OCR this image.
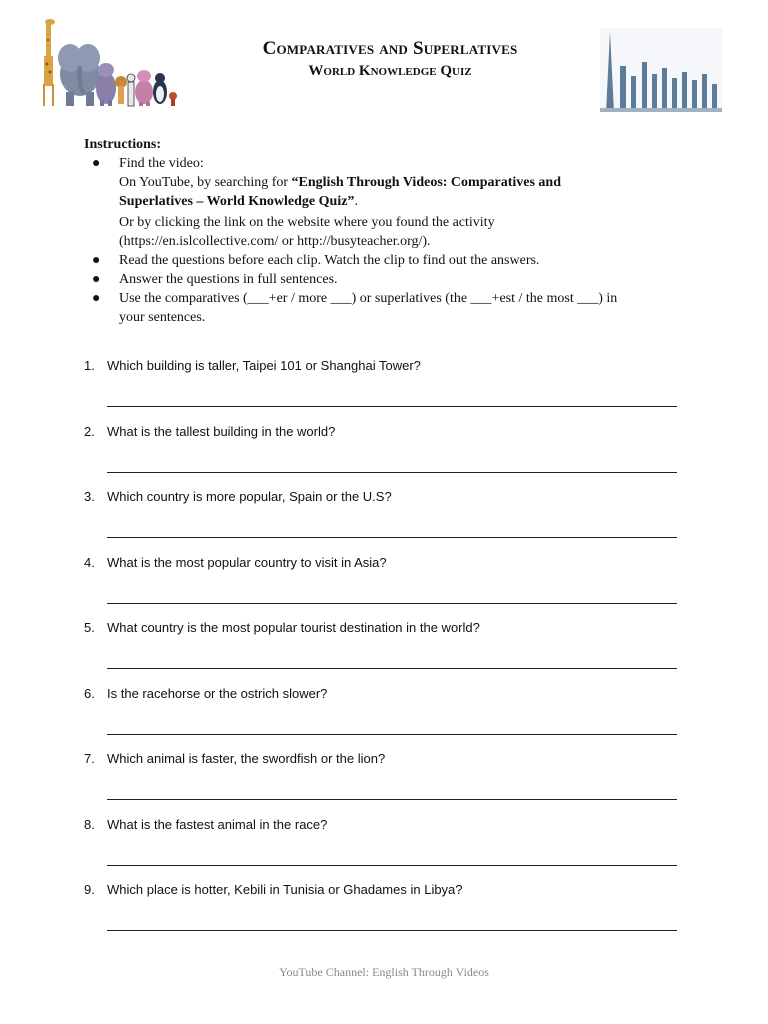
Comparatives and Superlatives
World Knowledge Quiz
Instructions:
● Find the video:
On YouTube, by searching for “English Through Videos: Comparatives and
Superlatives – World Knowledge Quiz”.
Or by clicking the link on the website where you found the activity
(https://en.islcollective.com/ or http://busyteacher.org/).
● Read the questions before each clip. Watch the clip to find out the answers.
● Answer the questions in full sentences.
● Use the comparatives (___+er / more ___) or superlatives (the ___+est / the most ___) in
your sentences.
1. Which building is taller, Taipei 101 or Shanghai Tower?
2. What is the tallest building in the world?
3. Which country is more popular, Spain or the U.S?
4. What is the most popular country to visit in Asia?
5. What country is the most popular tourist destination in the world?
6. Is the racehorse or the ostrich slower?
7. Which animal is faster, the swordfish or the lion?
8. What is the fastest animal in the race?
9. Which place is hotter, Kebili in Tunisia or Ghadames in Libya?
YouTube Channel: English Through Videos
